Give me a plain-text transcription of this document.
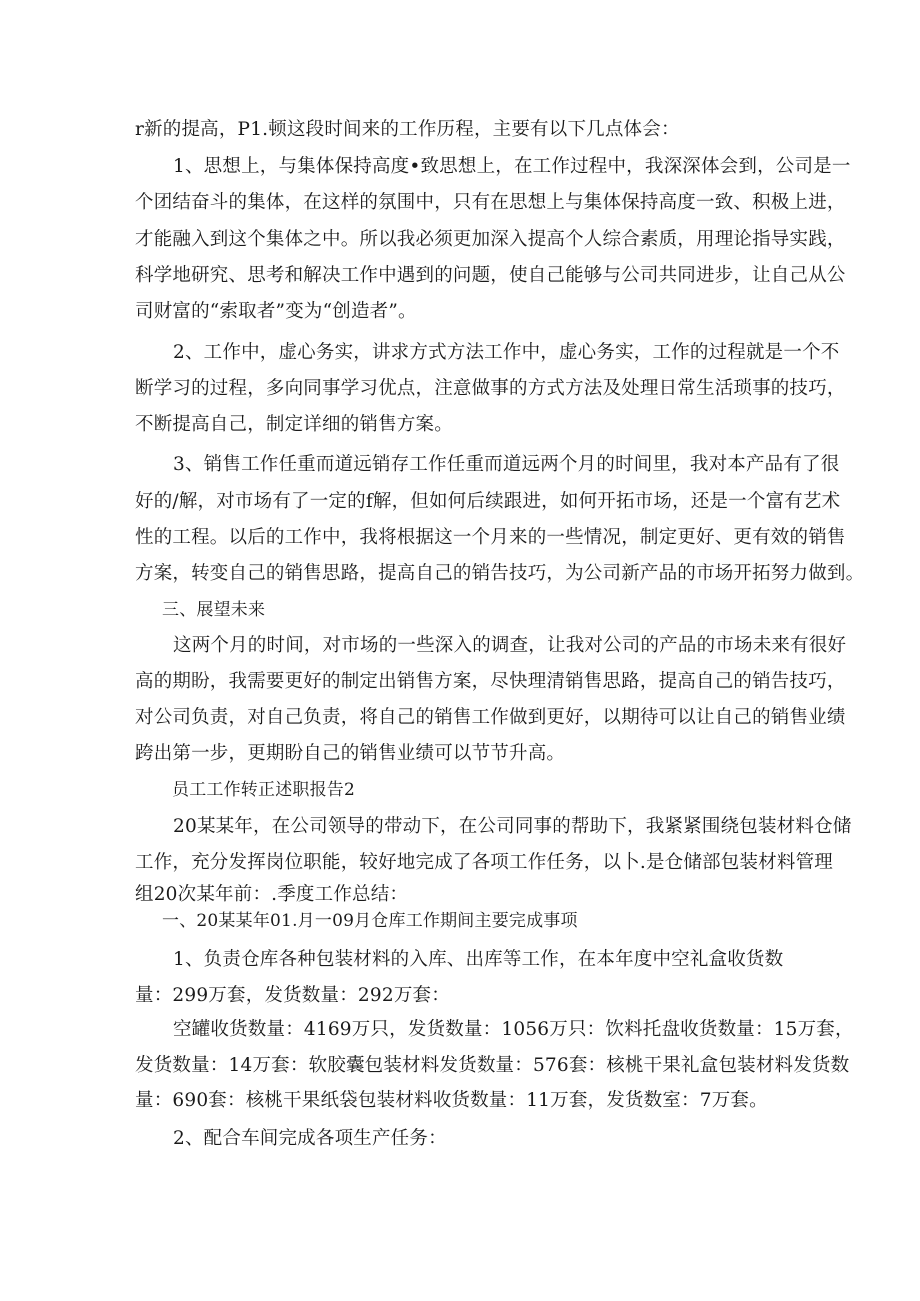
r新的提高，P1.顿这段时间来的工作历程，主要有以下几点体会：
1、思想上，与集体保持高度•致思想上，在工作过程中，我深深体会到，公司是一
个团结奋斗的集体，在这样的氛围中，只有在思想上与集体保持高度一致、积极上进，
才能融入到这个集体之中。所以我必须更加深入提高个人综合素质，用理论指导实践，
科学地研究、思考和解决工作中遇到的问题，使自己能够与公司共同进步，让自己从公
司财富的“索取者”变为“创造者”。
2、工作中，虚心务实，讲求方式方法工作中，虚心务实，工作的过程就是一个不
断学习的过程，多向同事学习优点，注意做事的方式方法及处理日常生活琐事的技巧，
不断提高自己，制定详细的销售方案。
3、销售工作任重而道远销存工作任重而道远两个月的时间里，我对本产品有了很
好的/解，对市场有了一定的f解，但如何后续跟进，如何开拓市场，还是一个富有艺术
性的工程。以后的工作中，我将根据这一个月来的一些情况，制定更好、更有效的销售
方案，转变自己的销售思路，提高自己的销告技巧，为公司新产品的市场开拓努力做到。
三、展望未来
这两个月的时间，对市场的一些深入的调查，让我对公司的产品的市场未来有很好
高的期盼，我需要更好的制定出销售方案，尽快理清销售思路，提高自己的销告技巧，
对公司负责，对自己负责，将自己的销售工作做到更好，以期待可以让自己的销售业绩
跨出第一步，更期盼自己的销售业绩可以节节升高。
员工工作转正述职报告2
20某某年，在公司领导的带动下，在公司同事的帮助下，我紧紧围绕包装材料仓储
工作，充分发挥岗位职能，较好地完成了各项工作任务，以卜.是仓储部包装材料管理
组20次某年前：.季度工作总结：
一、20某某年01.月一09月仓库工作期间主要完成事项
1、负责仓库各种包装材料的入库、出库等工作，在本年度中空礼盒收货数
量：299万套，发货数量：292万套：
空罐收货数量：4169万只，发货数量：1056万只：饮料托盘收货数量：15万套，
发货数量：14万套：软胶囊包装材料发货数量：576套：核桃干果礼盒包装材料发货数
量：690套：核桃干果纸袋包装材料收货数量：11万套，发货数室：7万套。
2、配合车间完成各项生产任务：
